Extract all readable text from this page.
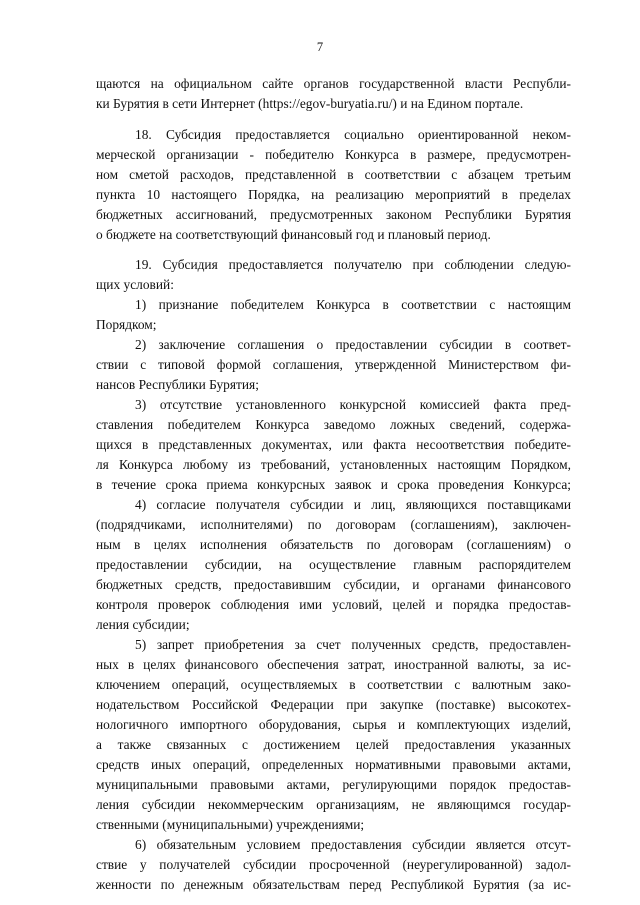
7
щаются на официальном сайте органов государственной власти Республи-
ки Бурятия в сети Интернет (https://egov-buryatia.ru/) и на Едином портале.
18. Субсидия предоставляется социально ориентированной неком-
мерческой организации - победителю Конкурса в размере, предусмотрен-
ном сметой расходов, представленной в соответствии с абзацем третьим
пункта 10 настоящего Порядка, на реализацию мероприятий в пределах
бюджетных ассигнований, предусмотренных законом Республики Бурятия
о бюджете на соответствующий финансовый год и плановый период.
19. Субсидия предоставляется получателю при соблюдении следую-
щих условий:
1) признание победителем Конкурса в соответствии с настоящим
Порядком;
2) заключение соглашения о предоставлении субсидии в соответ-
ствии с типовой формой соглашения, утвержденной Министерством фи-
нансов Республики Бурятия;
3) отсутствие установленного конкурсной комиссией факта пред-
ставления победителем Конкурса заведомо ложных сведений, содержа-
щихся в представленных документах, или факта несоответствия победите-
ля Конкурса любому из требований, установленных настоящим Порядком,
в течение срока приема конкурсных заявок и срока проведения Конкурса;
4) согласие получателя субсидии и лиц, являющихся поставщиками
(подрядчиками, исполнителями) по договорам (соглашениям), заключен-
ным в целях исполнения обязательств по договорам (соглашениям) о
предоставлении субсидии, на осуществление главным распорядителем
бюджетных средств, предоставившим субсидии, и органами финансового
контроля проверок соблюдения ими условий, целей и порядка предостав-
ления субсидии;
5) запрет приобретения за счет полученных средств, предоставлен-
ных в целях финансового обеспечения затрат, иностранной валюты, за ис-
ключением операций, осуществляемых в соответствии с валютным зако-
нодательством Российской Федерации при закупке (поставке) высокотех-
нологичного импортного оборудования, сырья и комплектующих изделий,
а также связанных с достижением целей предоставления указанных
средств иных операций, определенных нормативными правовыми актами,
муниципальными правовыми актами, регулирующими порядок предостав-
ления субсидии некоммерческим организациям, не являющимся государ-
ственными (муниципальными) учреждениями;
6) обязательным условием предоставления субсидии является отсут-
ствие у получателей субсидии просроченной (неурегулированной) задол-
женности по денежным обязательствам перед Республикой Бурятия (за ис-
